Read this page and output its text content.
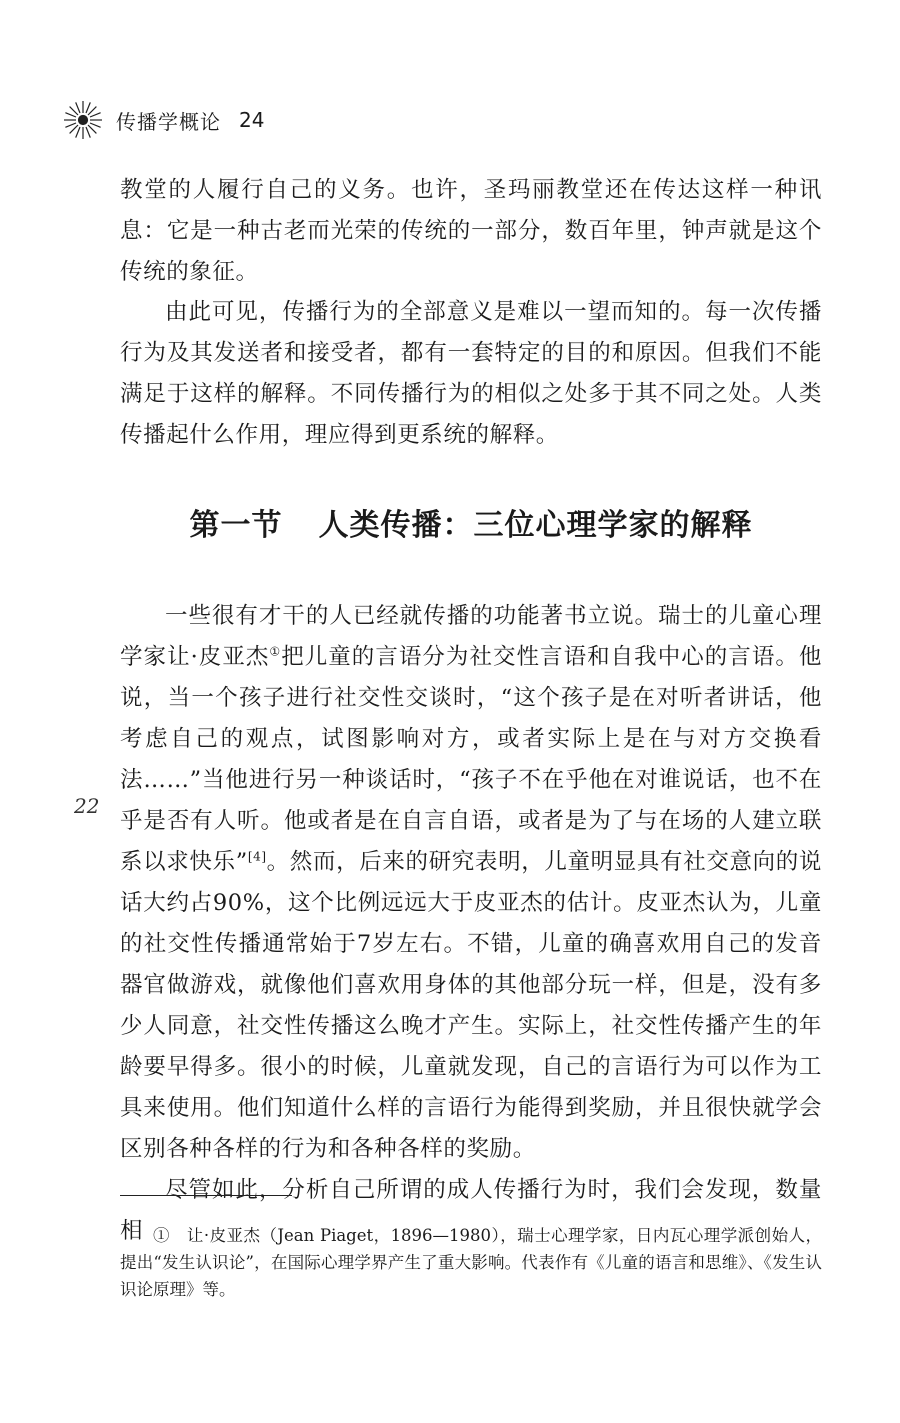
传播学概论 24

教堂的人履行自己的义务。也许，圣玛丽教堂还在传达这样一种讯息：它是一种古老而光荣的传统的一部分，数百年里，钟声就是这个传统的象征。

由此可见，传播行为的全部意义是难以一望而知的。每一次传播行为及其发送者和接受者，都有一套特定的目的和原因。但我们不能满足于这样的解释。不同传播行为的相似之处多于其不同之处。人类传播起什么作用，理应得到更系统的解释。

第一节 人类传播：三位心理学家的解释

一些很有才干的人已经就传播的功能著书立说。瑞士的儿童心理学家让·皮亚杰①把儿童的言语分为社交性言语和自我中心的言语。他说，当一个孩子进行社交性交谈时，“这个孩子是在对听者讲话，他考虑自己的观点，试图影响对方，或者实际上是在与对方交换看法……”当他进行另一种谈话时，“孩子不在乎他在对谁说话，也不在乎是否有人听。他或者是在自言自语，或者是为了与在场的人建立联系以求快乐”[4]。然而，后来的研究表明，儿童明显具有社交意向的说话大约占90%，这个比例远远大于皮亚杰的估计。皮亚杰认为，儿童的社交性传播通常始于7岁左右。不错，儿童的确喜欢用自己的发音器官做游戏，就像他们喜欢用身体的其他部分玩一样，但是，没有多少人同意，社交性传播这么晚才产生。实际上，社交性传播产生的年龄要早得多。很小的时候，儿童就发现，自己的言语行为可以作为工具来使用。他们知道什么样的言语行为能得到奖励，并且很快就学会区别各种各样的行为和各种各样的奖励。

尽管如此，分析自己所谓的成人传播行为时，我们会发现，数量相

22

①　让·皮亚杰（Jean Piaget，1896—1980），瑞士心理学家，日内瓦心理学派创始人，提出“发生认识论”，在国际心理学界产生了重大影响。代表作有《儿童的语言和思维》、《发生认识论原理》等。
